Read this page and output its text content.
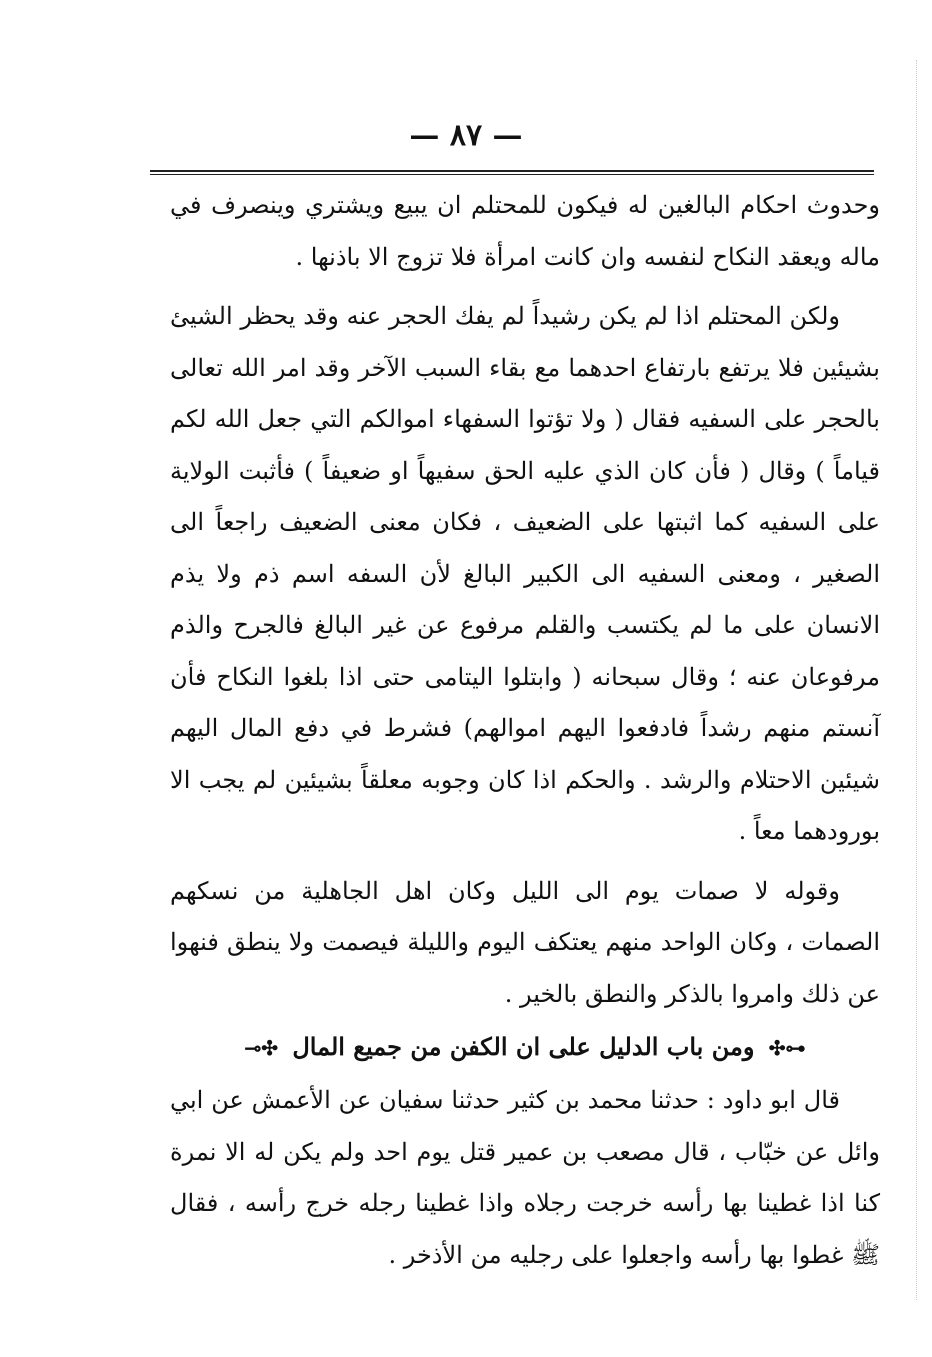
— ٨٧ —

وحدوث احكام البالغين له فيكون للمحتلم ان يبيع ويشتري وينصرف في ماله ويعقد النكاح لنفسه وان كانت امرأة فلا تزوج الا باذنها .

ولكن المحتلم اذا لم يكن رشيداً لم يفك الحجر عنه وقد يحظر الشيئ بشيئين فلا يرتفع بارتفاع احدهما مع بقاء السبب الآخر وقد امر الله تعالى بالحجر على السفيه فقال ( ولا تؤتوا السفهاء اموالكم التي جعل الله لكم قياماً ) وقال ( فأن كان الذي عليه الحق سفيهاً او ضعيفاً ) فأثبت الولاية على السفيه كما اثبتها على الضعيف ، فكان معنى الضعيف راجعاً الى الصغير ، ومعنى السفيه الى الكبير البالغ لأن السفه اسم ذم ولا يذم الانسان على ما لم يكتسب والقلم مرفوع عن غير البالغ فالجرح والذم مرفوعان عنه ؛ وقال سبحانه ( وابتلوا اليتامى حتى اذا بلغوا النكاح فأن آنستم منهم رشداً فادفعوا اليهم اموالهم) فشرط في دفع المال اليهم شيئين الاحتلام والرشد . والحكم اذا كان وجوبه معلقاً بشيئين لم يجب الا بورودهما معاً .

وقوله لا صمات يوم الى الليل وكان اهل الجاهلية من نسكهم الصمات ، وكان الواحد منهم يعتكف اليوم والليلة فيصمت ولا ينطق فنهوا عن ذلك وامروا بالذكر والنطق بالخير .

⊷✣ ومن باب الدليل على ان الكفن من جميع المال ✣⊸

قال ابو داود : حدثنا محمد بن كثير حدثنا سفيان عن الأعمش عن ابي وائل عن خبّاب ، قال مصعب بن عمير قتل يوم احد ولم يكن له الا نمرة كنا اذا غطينا بها رأسه خرجت رجلاه واذا غطينا رجله خرج رأسه ، فقال ﷺ غطوا بها رأسه واجعلوا على رجليه من الأذخر .
